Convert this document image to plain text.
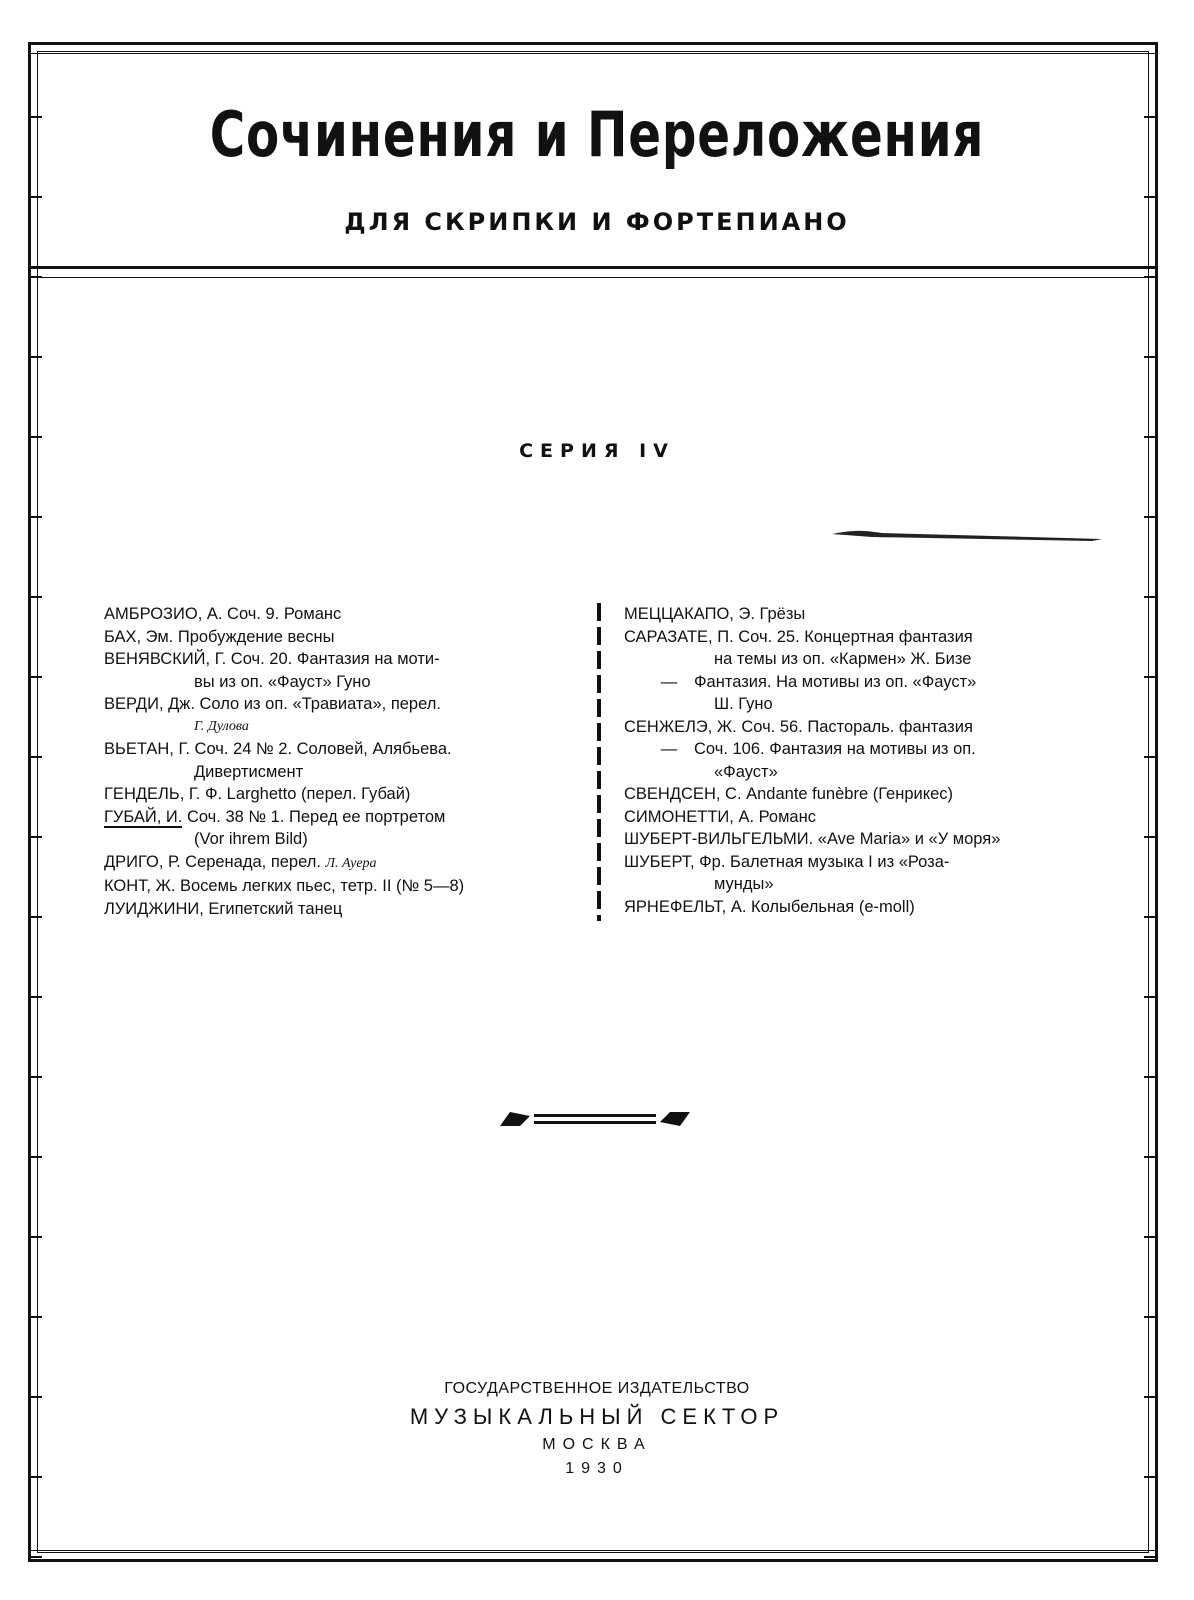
Сочинения и Переложения
ДЛЯ СКРИПКИ И ФОРТЕПИАНО
СЕРИЯ IV

АМБРОЗИО, А. Соч. 9. Романс

БАХ, Эм. Пробуждение весны

ВЕНЯВСКИЙ, Г. Соч. 20. Фантазия на моти-

вы из оп. «Фауст» Гуно

ВЕРДИ, Дж. Соло из оп. «Травиата», перел.

Г. Дулова

ВЬЕТАН, Г. Соч. 24 № 2. Соловей, Алябьева.

Дивертисмент

ГЕНДЕЛЬ, Г. Ф. Larghetto (перел. Губай)

ГУБАЙ, И. Соч. 38 № 1. Перед ее портретом

(Vor ihrem Bild)

ДРИГО, Р. Серенада, перел. Л. Ауера

КОНТ, Ж. Восемь легких пьес, тетр. II (№ 5—8)

ЛУИДЖИНИ, Египетский танец

МЕЦЦАКАПО, Э. Грёзы

САРАЗАТЕ, П. Соч. 25. Концертная фантазия

на темы из оп. «Кармен» Ж. Бизе

— Фантазия. На мотивы из оп. «Фауст»

Ш. Гуно

СЕНЖЕЛЭ, Ж. Соч. 56. Пастораль. фантазия

— Соч. 106. Фантазия на мотивы из оп.

«Фауст»

СВЕНДСЕН, С. Andante funèbre (Генрикес)

СИМОНЕТТИ, А. Романс

ШУБЕРТ-ВИЛЬГЕЛЬМИ. «Ave Maria» и «У моря»

ШУБЕРТ, Фр. Балетная музыка I из «Роза-

мунды»

ЯРНЕФЕЛЬТ, А. Колыбельная (e-moll)

ГОСУДАРСТВЕННОЕ ИЗДАТЕЛЬСТВО
МУЗЫКАЛЬНЫЙ СЕКТОР
МОСКВА
1930
